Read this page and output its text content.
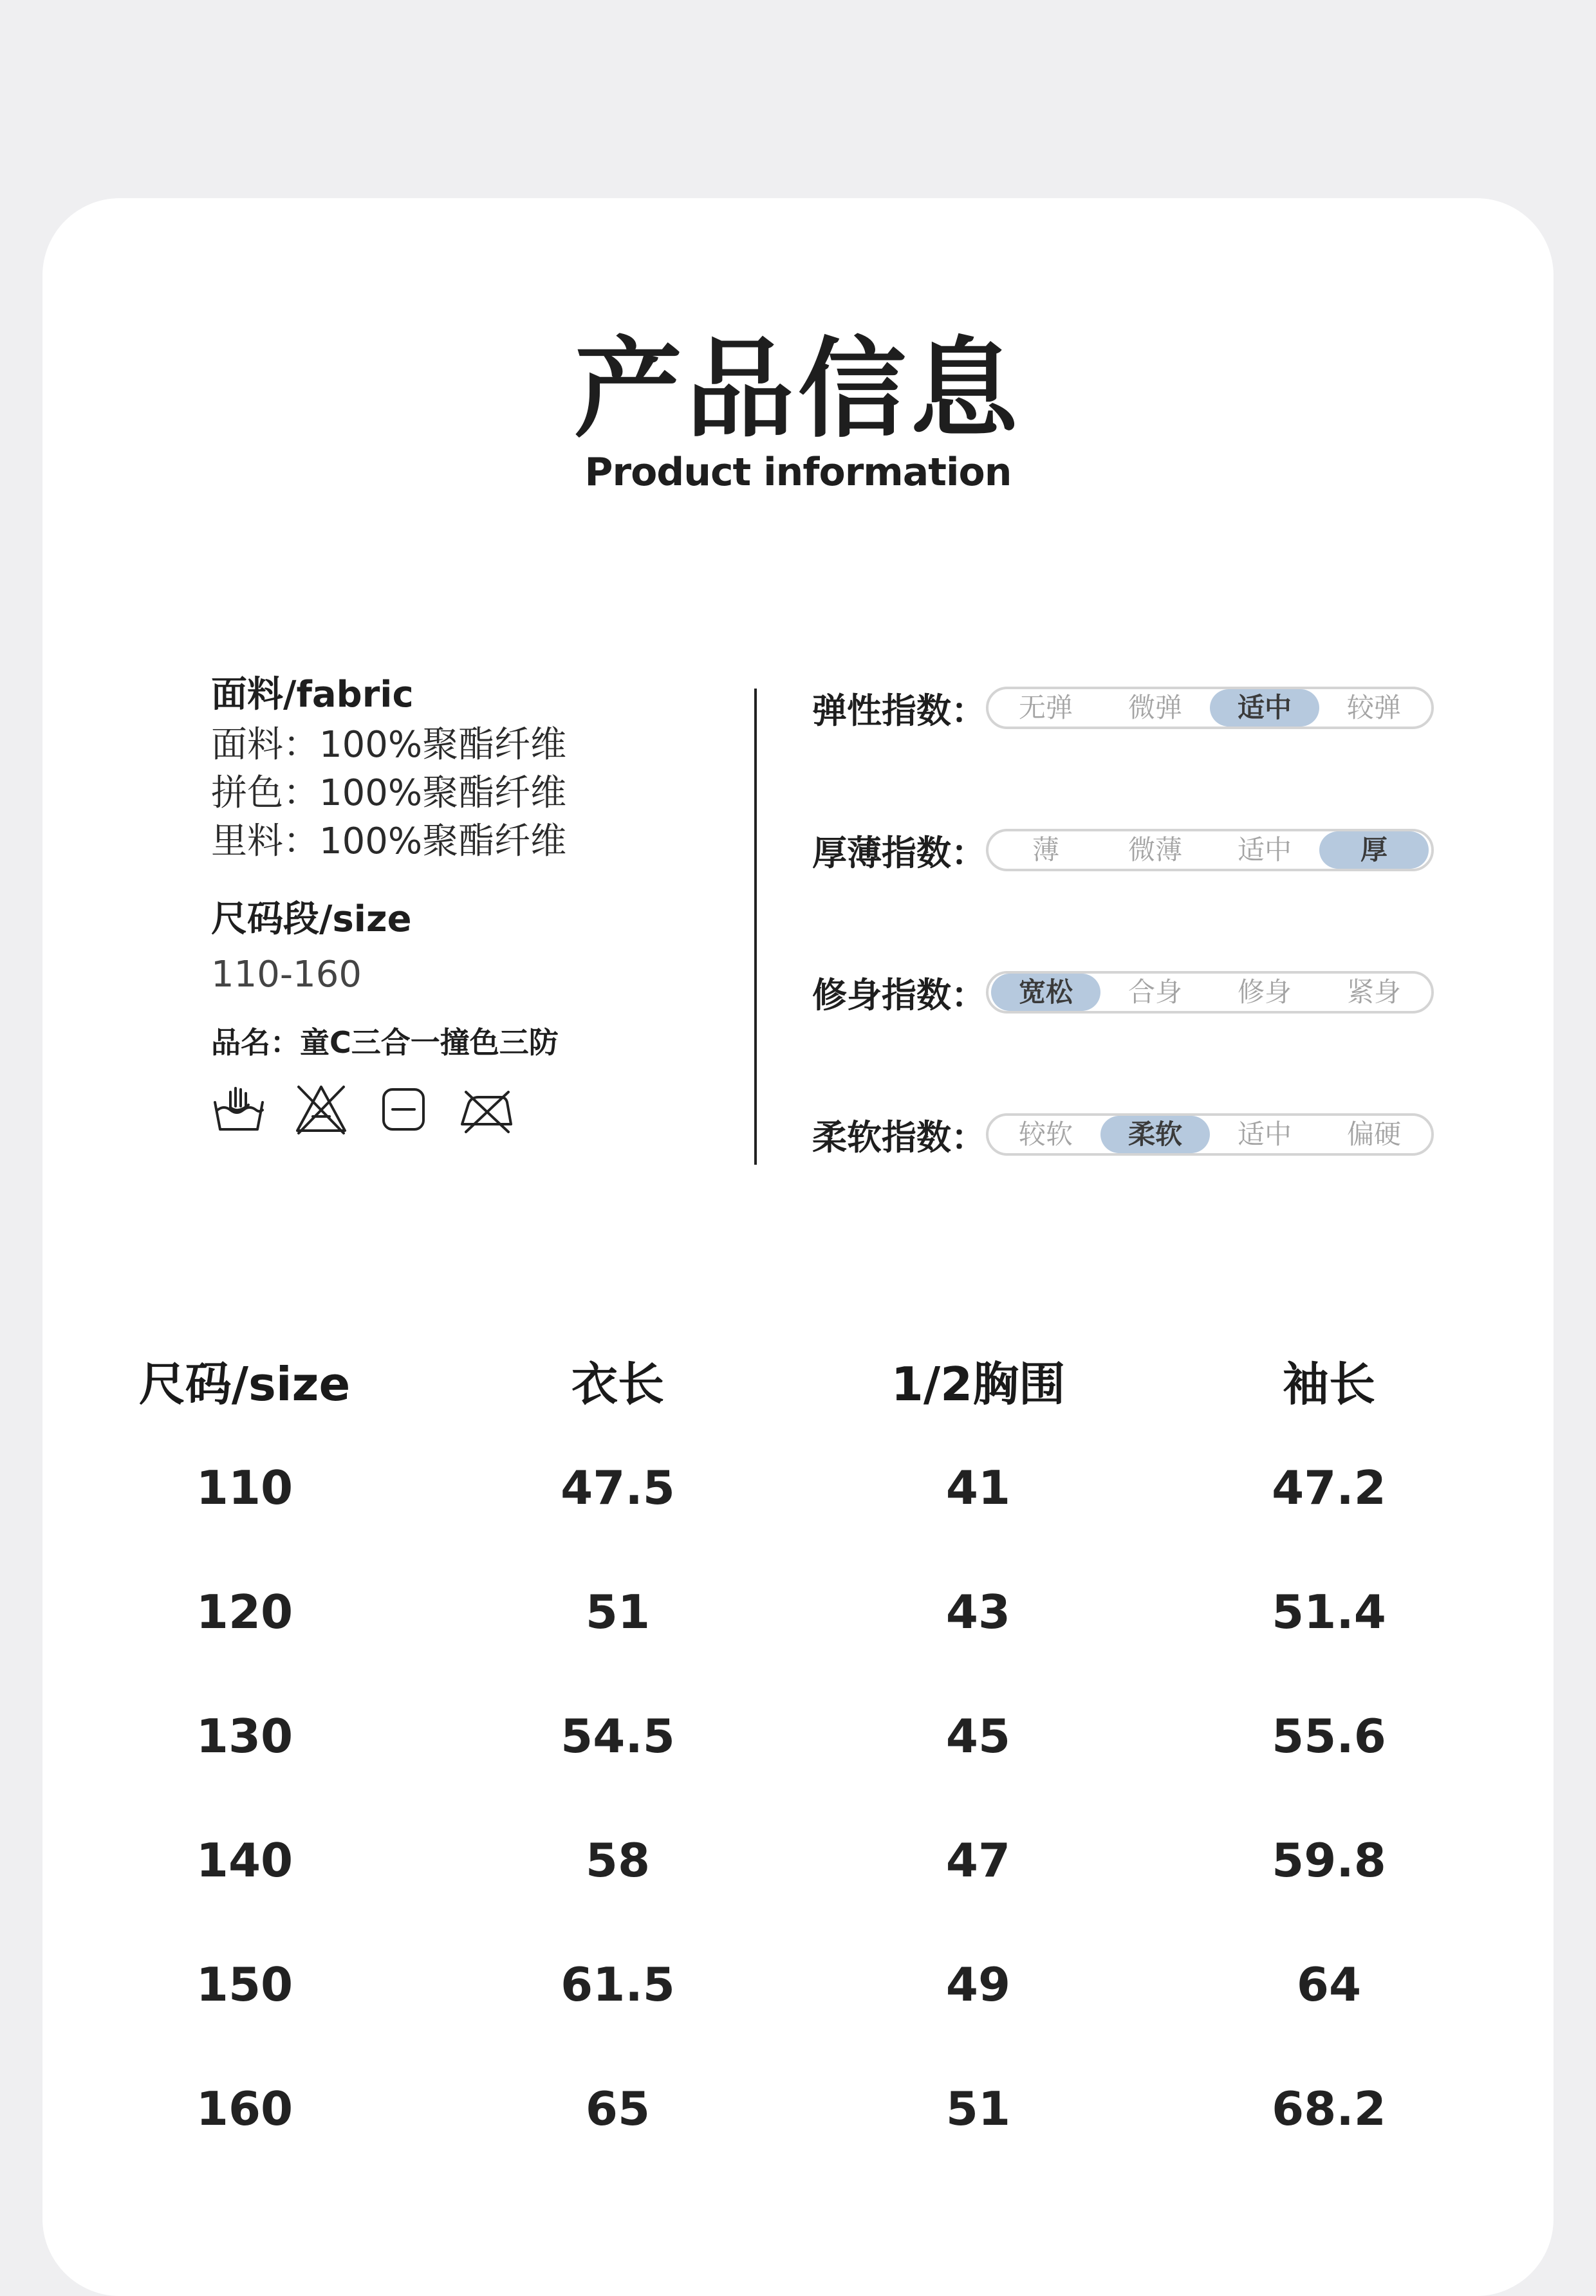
产品信息
Product information
面料/fabric
面料：100%聚酯纤维
拼色：100%聚酯纤维
里料：100%聚酯纤维
尺码段/size
110-160
品名：童C三合一撞色三防
弹性指数：	无弹	微弹	适中	较弹
厚薄指数：	薄	微薄	适中	厚
修身指数：	宽松	合身	修身	紧身
柔软指数：	较软	柔软	适中	偏硬
尺码/size	衣长	1/2胸围	袖长
110	47.5	41	47.2
120	51	43	51.4
130	54.5	45	55.6
140	58	47	59.8
150	61.5	49	64
160	65	51	68.2
